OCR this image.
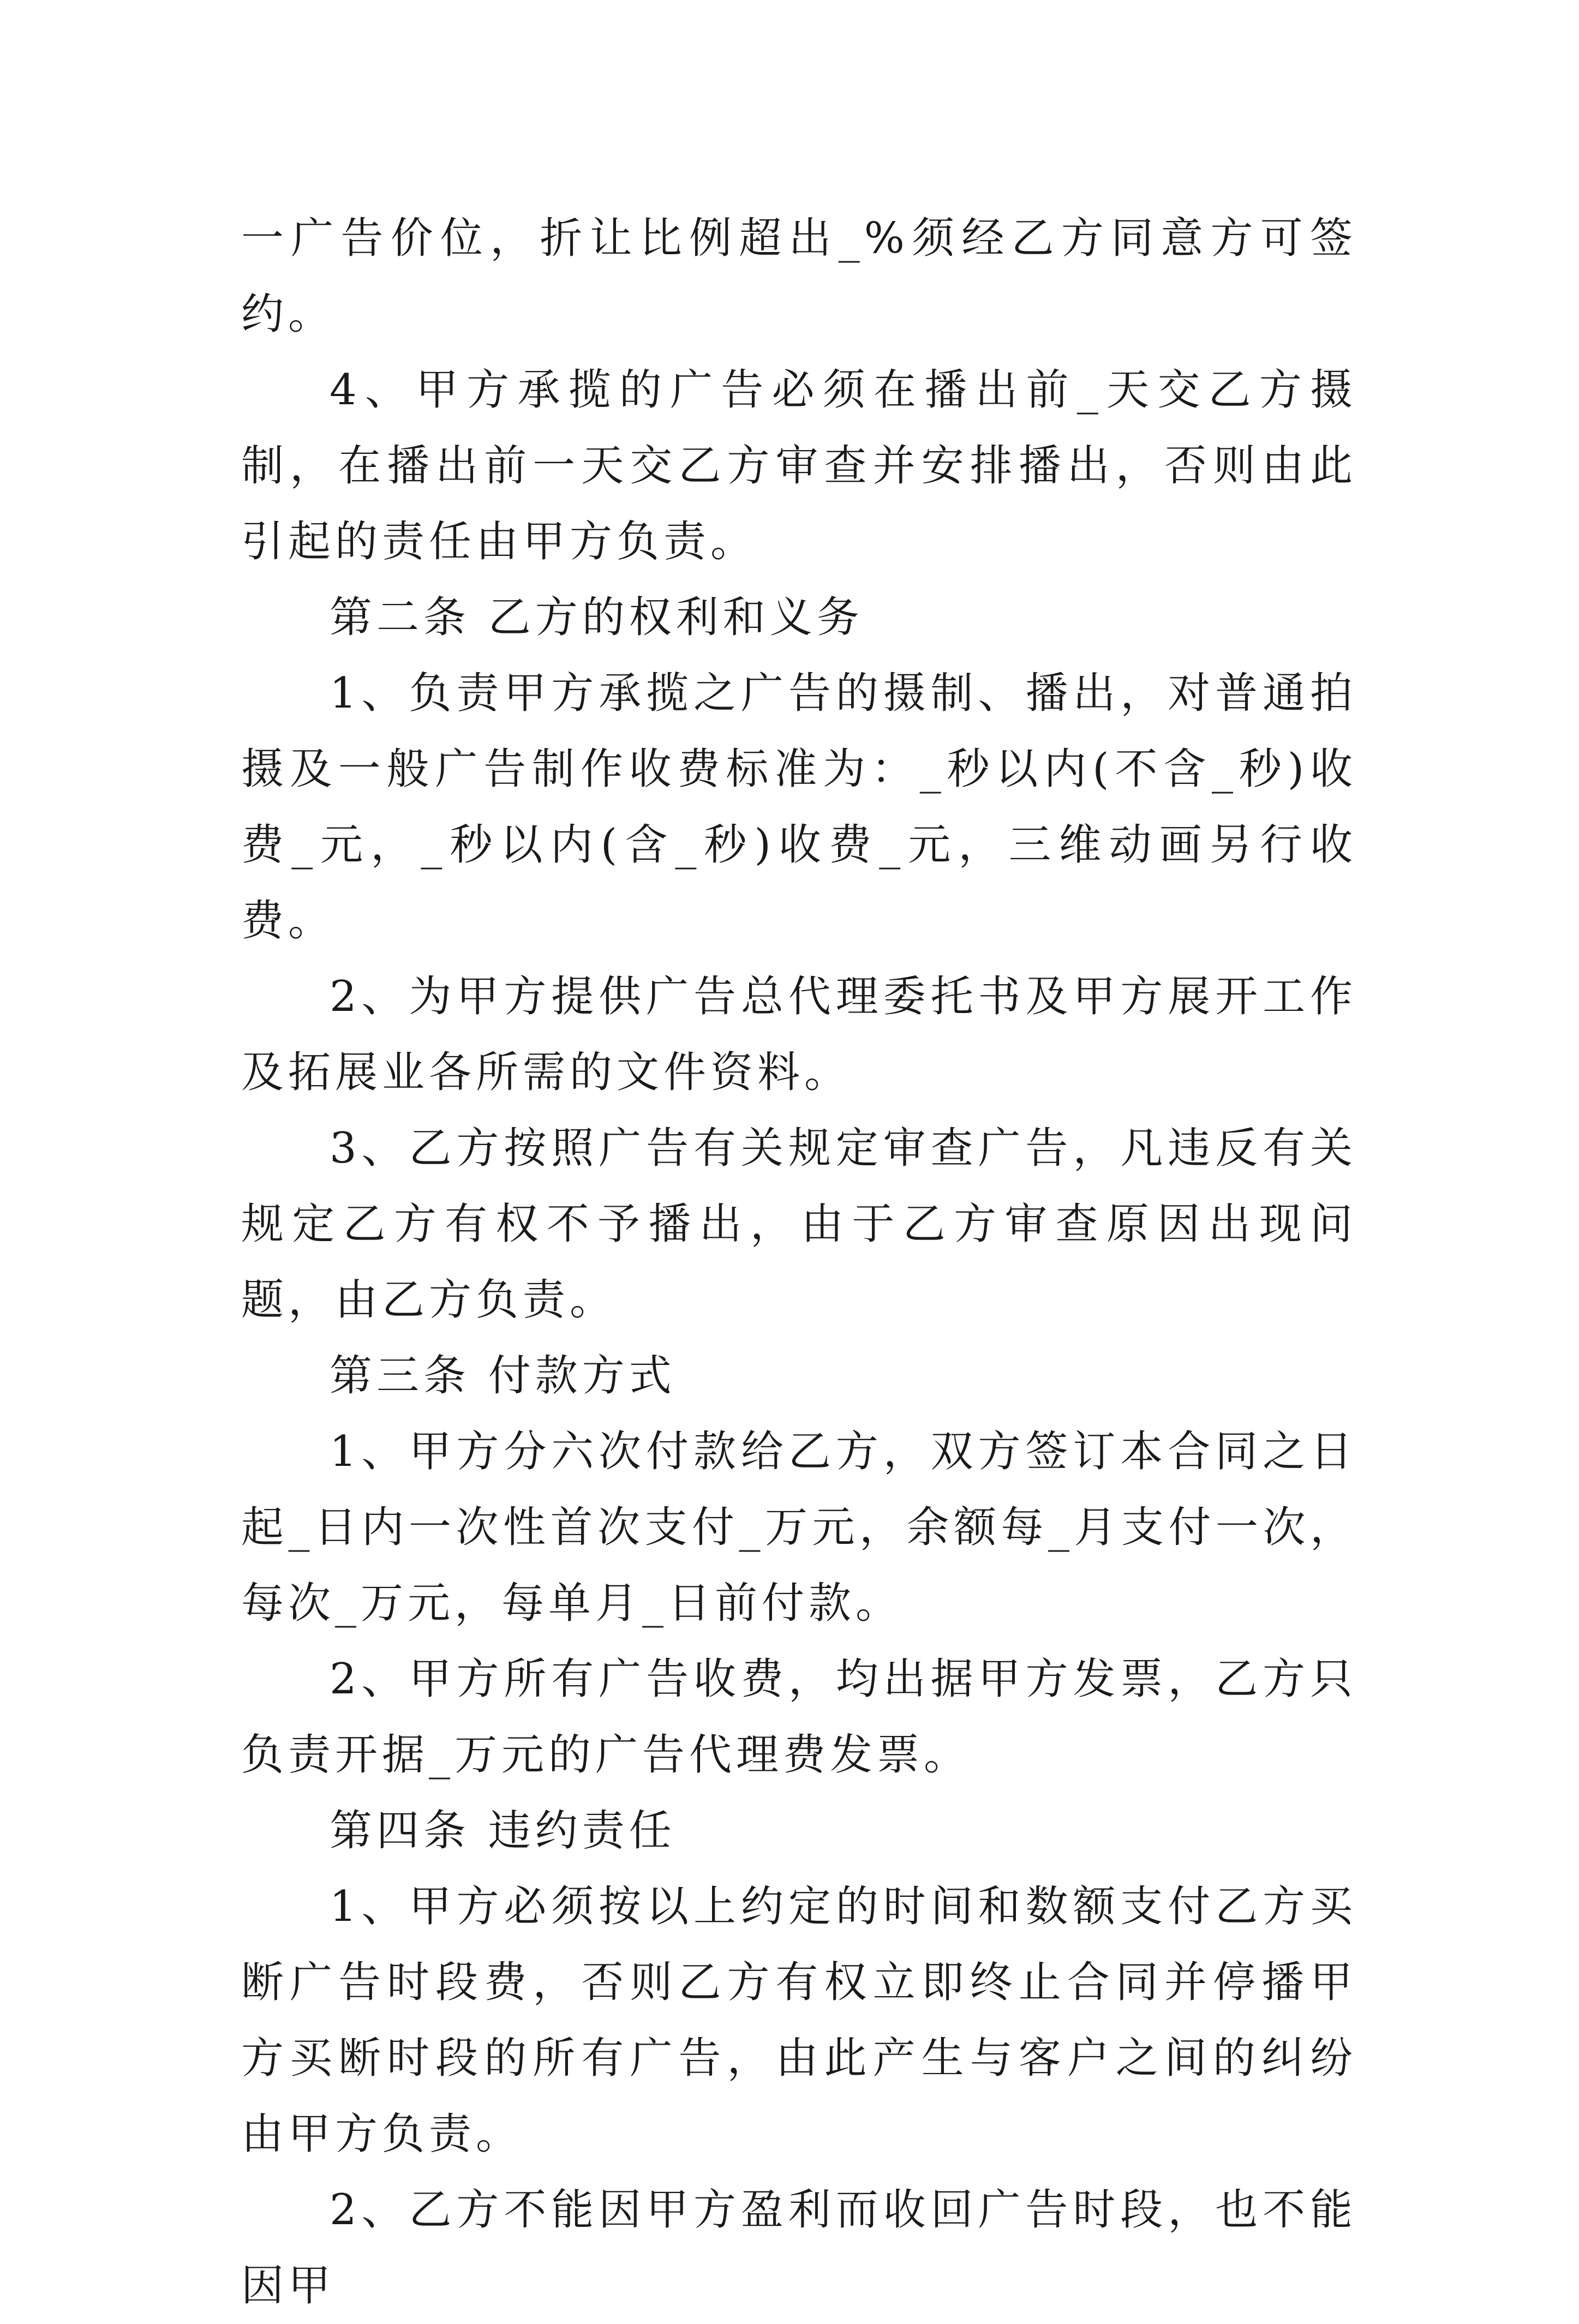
一广告价位，折让比例超出_%须经乙方同意方可签约。

4、甲方承揽的广告必须在播出前_天交乙方摄制，在播出前一天交乙方审查并安排播出，否则由此引起的责任由甲方负责。

第二条 乙方的权利和义务

1、负责甲方承揽之广告的摄制、播出，对普通拍摄及一般广告制作收费标准为：_秒以内(不含_秒)收费_元，_秒以内(含_秒)收费_元，三维动画另行收费。

2、为甲方提供广告总代理委托书及甲方展开工作及拓展业各所需的文件资料。

3、乙方按照广告有关规定审查广告，凡违反有关规定乙方有权不予播出，由于乙方审查原因出现问题，由乙方负责。

第三条 付款方式

1、甲方分六次付款给乙方，双方签订本合同之日起_日内一次性首次支付_万元，余额每_月支付一次，每次_万元，每单月_日前付款。

2、甲方所有广告收费，均出据甲方发票，乙方只负责开据_万元的广告代理费发票。

第四条 违约责任

1、甲方必须按以上约定的时间和数额支付乙方买断广告时段费，否则乙方有权立即终止合同并停播甲方买断时段的所有广告，由此产生与客户之间的纠纷由甲方负责。

2、乙方不能因甲方盈利而收回广告时段，也不能因甲
